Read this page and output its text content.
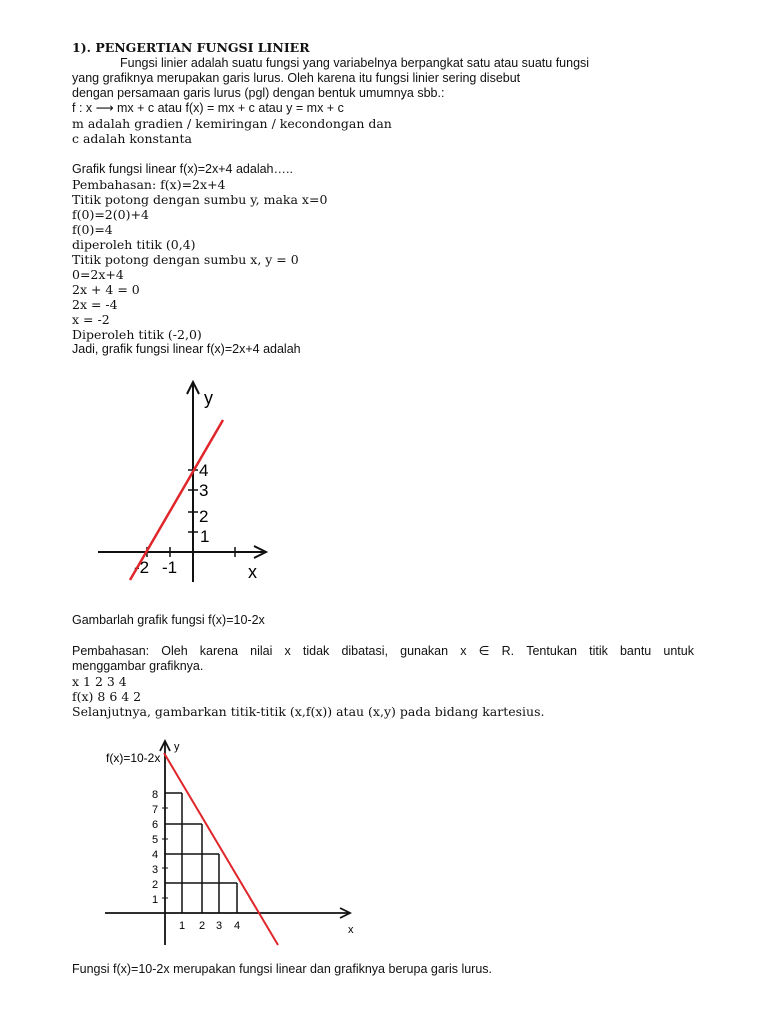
1). PENGERTIAN FUNGSI LINIER
Fungsi linier adalah suatu fungsi yang variabelnya berpangkat satu atau suatu fungsi
yang grafiknya merupakan garis lurus. Oleh karena itu fungsi linier sering disebut
dengan persamaan garis lurus (pgl) dengan bentuk umumnya sbb.:
f : x ⟶ mx + c atau f(x) = mx + c atau y = mx + c
m adalah gradien / kemiringan / kecondongan dan
c adalah konstanta
Grafik fungsi linear f(x)=2x+4 adalah…..
Pembahasan: f(x)=2x+4
Titik potong dengan sumbu y, maka x=0
f(0)=2(0)+4
f(0)=4
diperoleh titik (0,4)
Titik potong dengan sumbu x, y = 0
0=2x+4
2x + 4 = 0
2x = -4
x = -2
Diperoleh titik (-2,0)
Jadi, grafik fungsi linear f(x)=2x+4 adalah
y
x
4
3
2
1
-2 -1
Gambarlah grafik fungsi f(x)=10-2x
Pembahasan: Oleh karena nilai x tidak dibatasi, gunakan x ∈ R. Tentukan titik bantu untuk
menggambar grafiknya.
x 1 2 3 4
f(x) 8 6 4 2
Selanjutnya, gambarkan titik-titik (x,f(x)) atau (x,y) pada bidang kartesius.
f(x)=10-2x
y
x
8
7
6
5
4
3
2
1
1 2 3 4
Fungsi f(x)=10-2x merupakan fungsi linear dan grafiknya berupa garis lurus.
